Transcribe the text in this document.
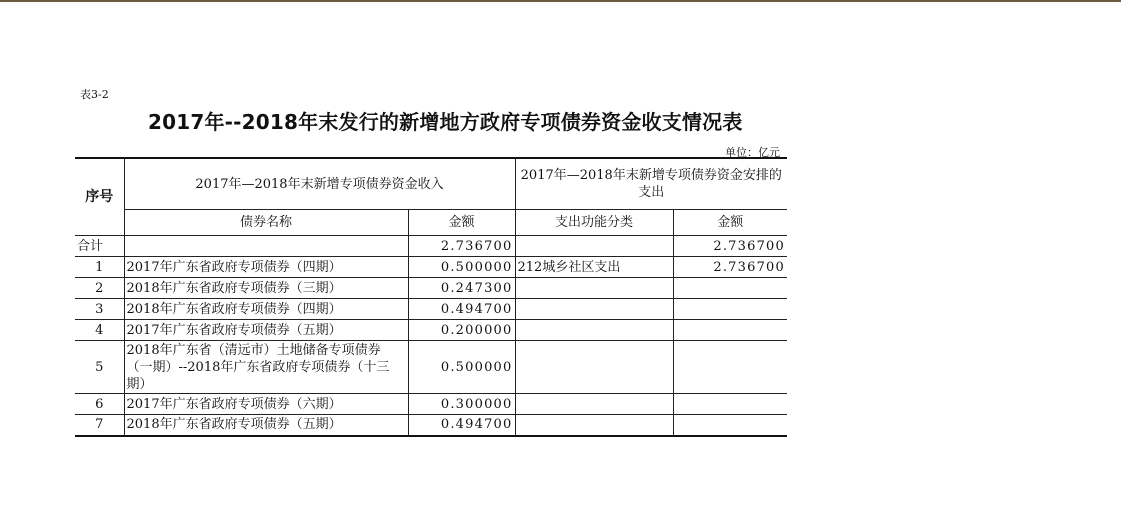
表3-2
2017年--2018年末发行的新增地方政府专项债券资金收支情况表
单位：亿元
序号	2017年—2018年末新增专项债券资金收入		2017年—2018年末新增专项债券资金安排的支出	
	债券名称	金额	支出功能分类	金额
合计		2.736700		2.736700
1	2017年广东省政府专项债券（四期）	0.500000	212城乡社区支出	2.736700
2	2018年广东省政府专项债券（三期）	0.247300		
3	2018年广东省政府专项债券（四期）	0.494700		
4	2017年广东省政府专项债券（五期）	0.200000		
5	2018年广东省（清远市）土地储备专项债券（一期）--2018年广东省政府专项债券（十三期）	0.500000		
6	2017年广东省政府专项债券（六期）	0.300000		
7	2018年广东省政府专项债券（五期）	0.494700		
